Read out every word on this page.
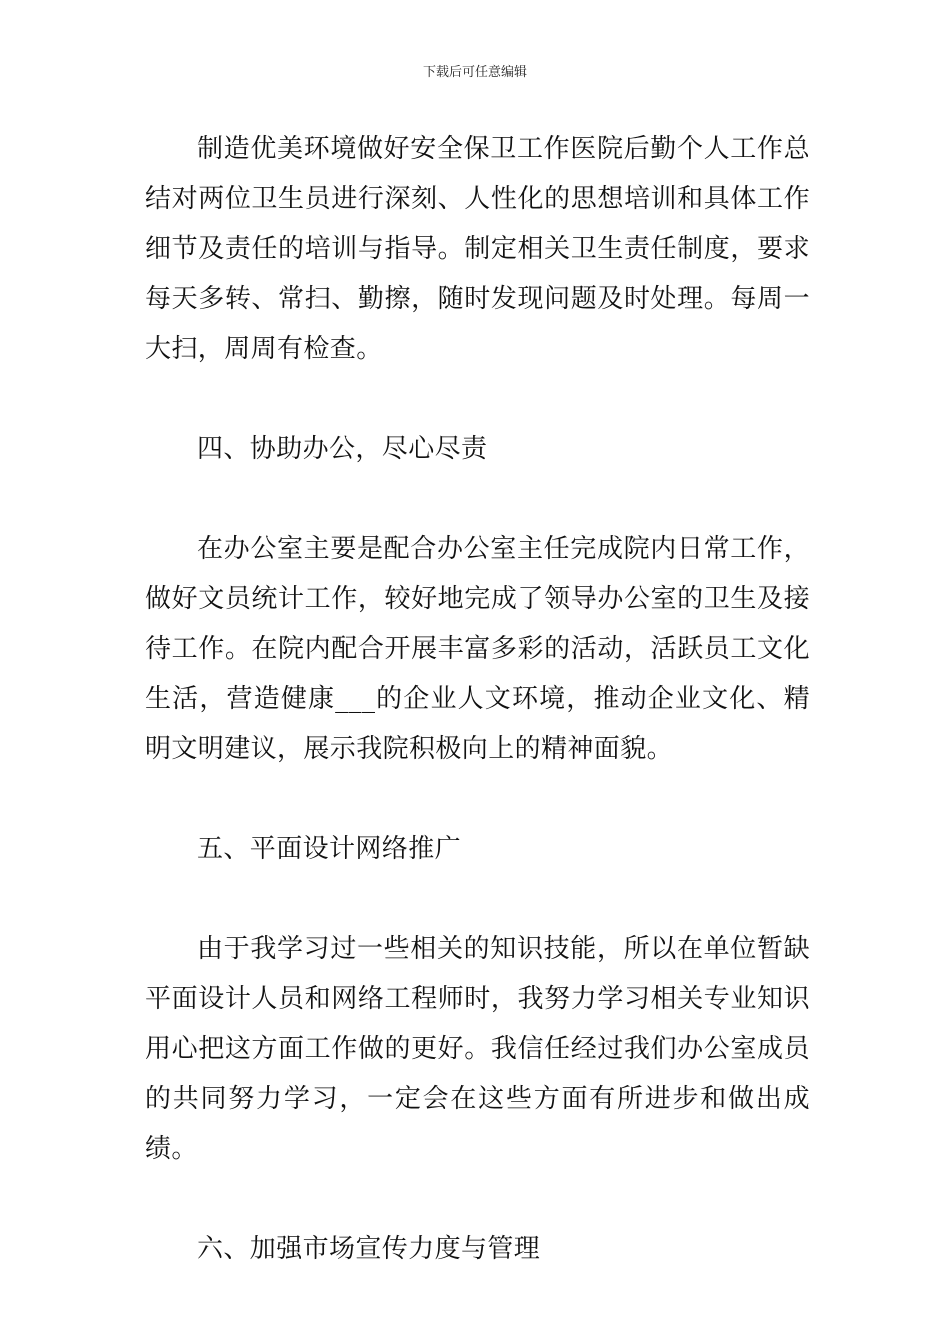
下载后可任意编辑

制造优美环境做好安全保卫工作医院后勤个人工作总结对两位卫生员进行深刻、人性化的思想培训和具体工作细节及责任的培训与指导。制定相关卫生责任制度，要求每天多转、常扫、勤擦，随时发现问题及时处理。每周一大扫，周周有检查。

四、协助办公，尽心尽责

在办公室主要是配合办公室主任完成院内日常工作，做好文员统计工作，较好地完成了领导办公室的卫生及接待工作。在院内配合开展丰富多彩的活动，活跃员工文化生活，营造健康___的企业人文环境，推动企业文化、精明文明建议，展示我院积极向上的精神面貌。

五、平面设计网络推广

由于我学习过一些相关的知识技能，所以在单位暂缺平面设计人员和网络工程师时，我努力学习相关专业知识用心把这方面工作做的更好。我信任经过我们办公室成员的共同努力学习，一定会在这些方面有所进步和做出成绩。

六、加强市场宣传力度与管理
